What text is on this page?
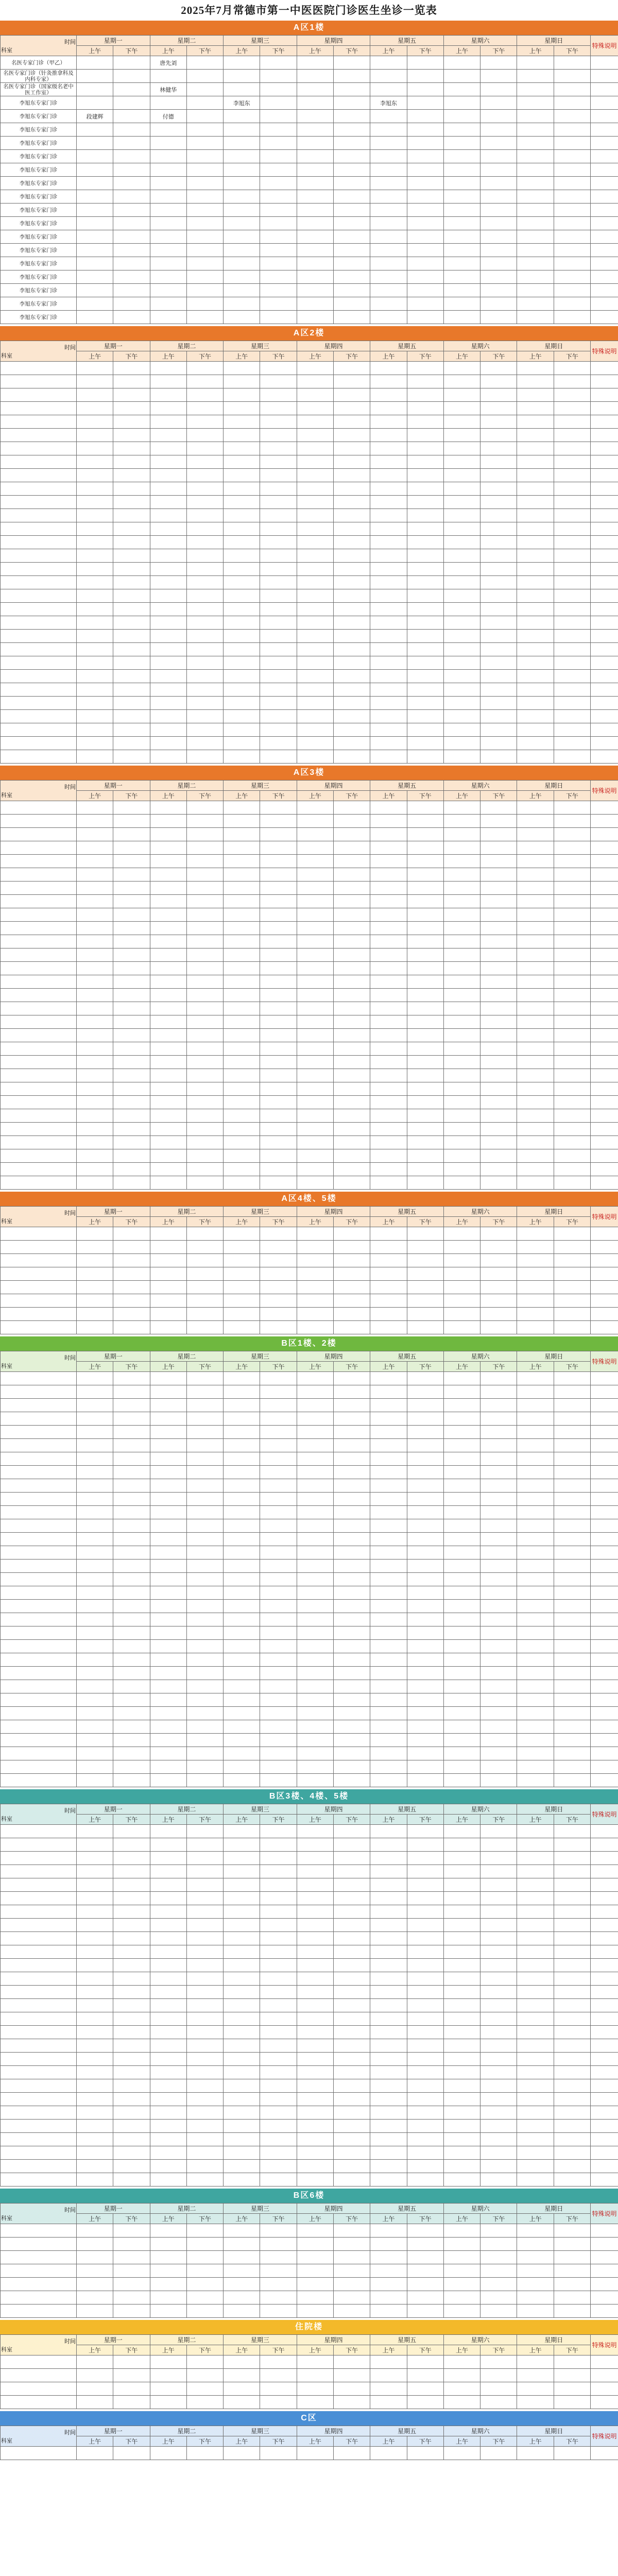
2025年7月常德市第一中医医院门诊医生坐诊一览表
A区1楼
时间
科室	星期一		星期二		星期三		星期四		星期五		星期六		星期日		特殊说明
	上午	下午	上午	下午	上午	下午	上午	下午	上午	下午	上午	下午	上午	下午	
名医专家门诊（甲乙）			唐先刘												
名医专家门诊（针灸推拿科及内科专家）															
名医专家门诊（国家级名老中医工作室）			林健华												
李旭东专家门诊					李旭东				李旭东						
李旭东专家门诊	段建辉		付德												
李旭东专家门诊															
李旭东专家门诊															
李旭东专家门诊															
李旭东专家门诊															
李旭东专家门诊															
李旭东专家门诊															
李旭东专家门诊															
李旭东专家门诊															
李旭东专家门诊															
李旭东专家门诊															
李旭东专家门诊															
李旭东专家门诊															
李旭东专家门诊															
李旭东专家门诊															
李旭东专家门诊															
A区2楼
时间
科室	星期一		星期二		星期三		星期四		星期五		星期六		星期日		特殊说明
	上午	下午	上午	下午	上午	下午	上午	下午	上午	下午	上午	下午	上午	下午	

A区3楼
时间
科室	星期一		星期二		星期三		星期四		星期五		星期六		星期日		特殊说明
	上午	下午	上午	下午	上午	下午	上午	下午	上午	下午	上午	下午	上午	下午	

A区4楼、5楼
时间
科室	星期一		星期二		星期三		星期四		星期五		星期六		星期日		特殊说明
	上午	下午	上午	下午	上午	下午	上午	下午	上午	下午	上午	下午	上午	下午	

B区1楼、2楼
时间
科室	星期一		星期二		星期三		星期四		星期五		星期六		星期日		特殊说明
	上午	下午	上午	下午	上午	下午	上午	下午	上午	下午	上午	下午	上午	下午	

B区3楼、4楼、5楼
时间
科室	星期一		星期二		星期三		星期四		星期五		星期六		星期日		特殊说明
	上午	下午	上午	下午	上午	下午	上午	下午	上午	下午	上午	下午	上午	下午	

B区6楼
时间
科室	星期一		星期二		星期三		星期四		星期五		星期六		星期日		特殊说明
	上午	下午	上午	下午	上午	下午	上午	下午	上午	下午	上午	下午	上午	下午	

住院楼
时间
科室	星期一		星期二		星期三		星期四		星期五		星期六		星期日		特殊说明
	上午	下午	上午	下午	上午	下午	上午	下午	上午	下午	上午	下午	上午	下午	

C区
时间
科室	星期一		星期二		星期三		星期四		星期五		星期六		星期日		特殊说明
	上午	下午	上午	下午	上午	下午	上午	下午	上午	下午	上午	下午	上午	下午	
